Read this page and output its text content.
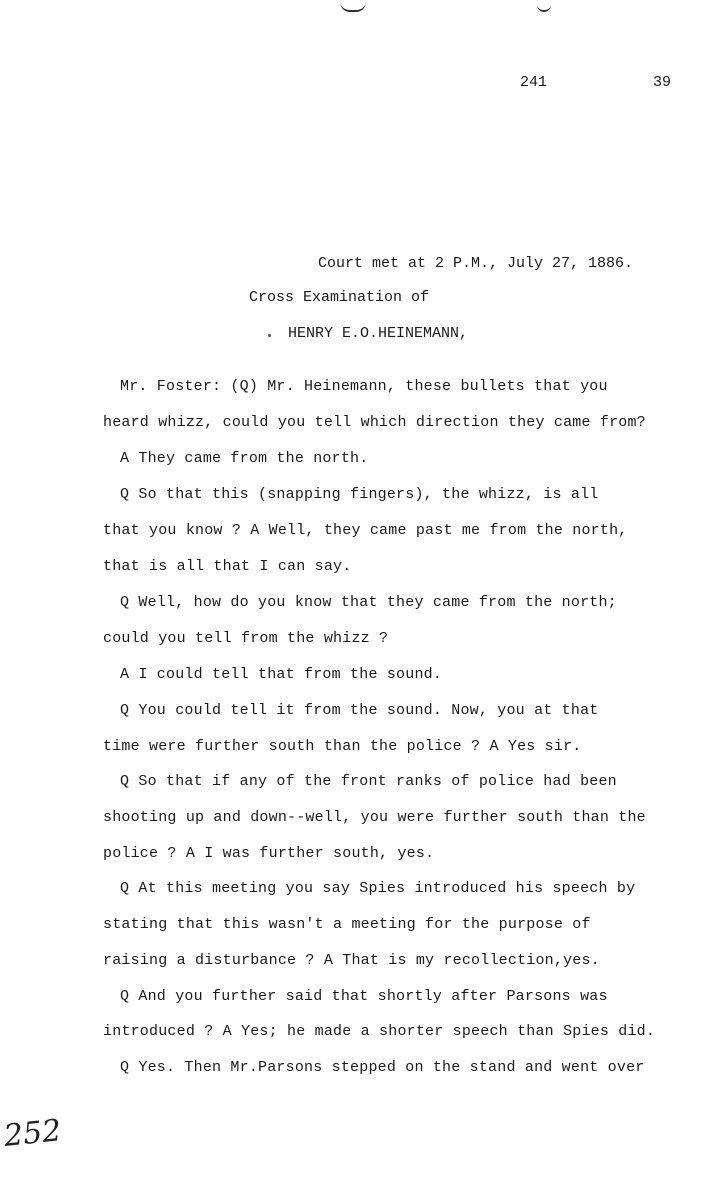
241	39
Court met at 2 P.M., July 27, 1886.
Cross Examination of
HENRY E.O.HEINEMANN,
Mr. Foster: (Q) Mr. Heinemann, these bullets that you
heard whizz, could you tell which direction they came from?
A They came from the north.
Q So that this (snapping fingers), the whizz, is all
that you know ? A Well, they came past me from the north,
that is all that I can say.
Q Well, how do you know that they came from the north;
could you tell from the whizz ?
A I could tell that from the sound.
Q You could tell it from the sound. Now, you at that
time were further south than the police ? A Yes sir.
Q So that if any of the front ranks of police had been
shooting up and down--well, you were further south than the
police ? A I was further south, yes.
Q At this meeting you say Spies introduced his speech by
stating that this wasn't a meeting for the purpose of
raising a disturbance ? A That is my recollection,yes.
Q And you further said that shortly after Parsons was
introduced ? A Yes; he made a shorter speech than Spies did.
Q Yes. Then Mr.Parsons stepped on the stand and went over
252
